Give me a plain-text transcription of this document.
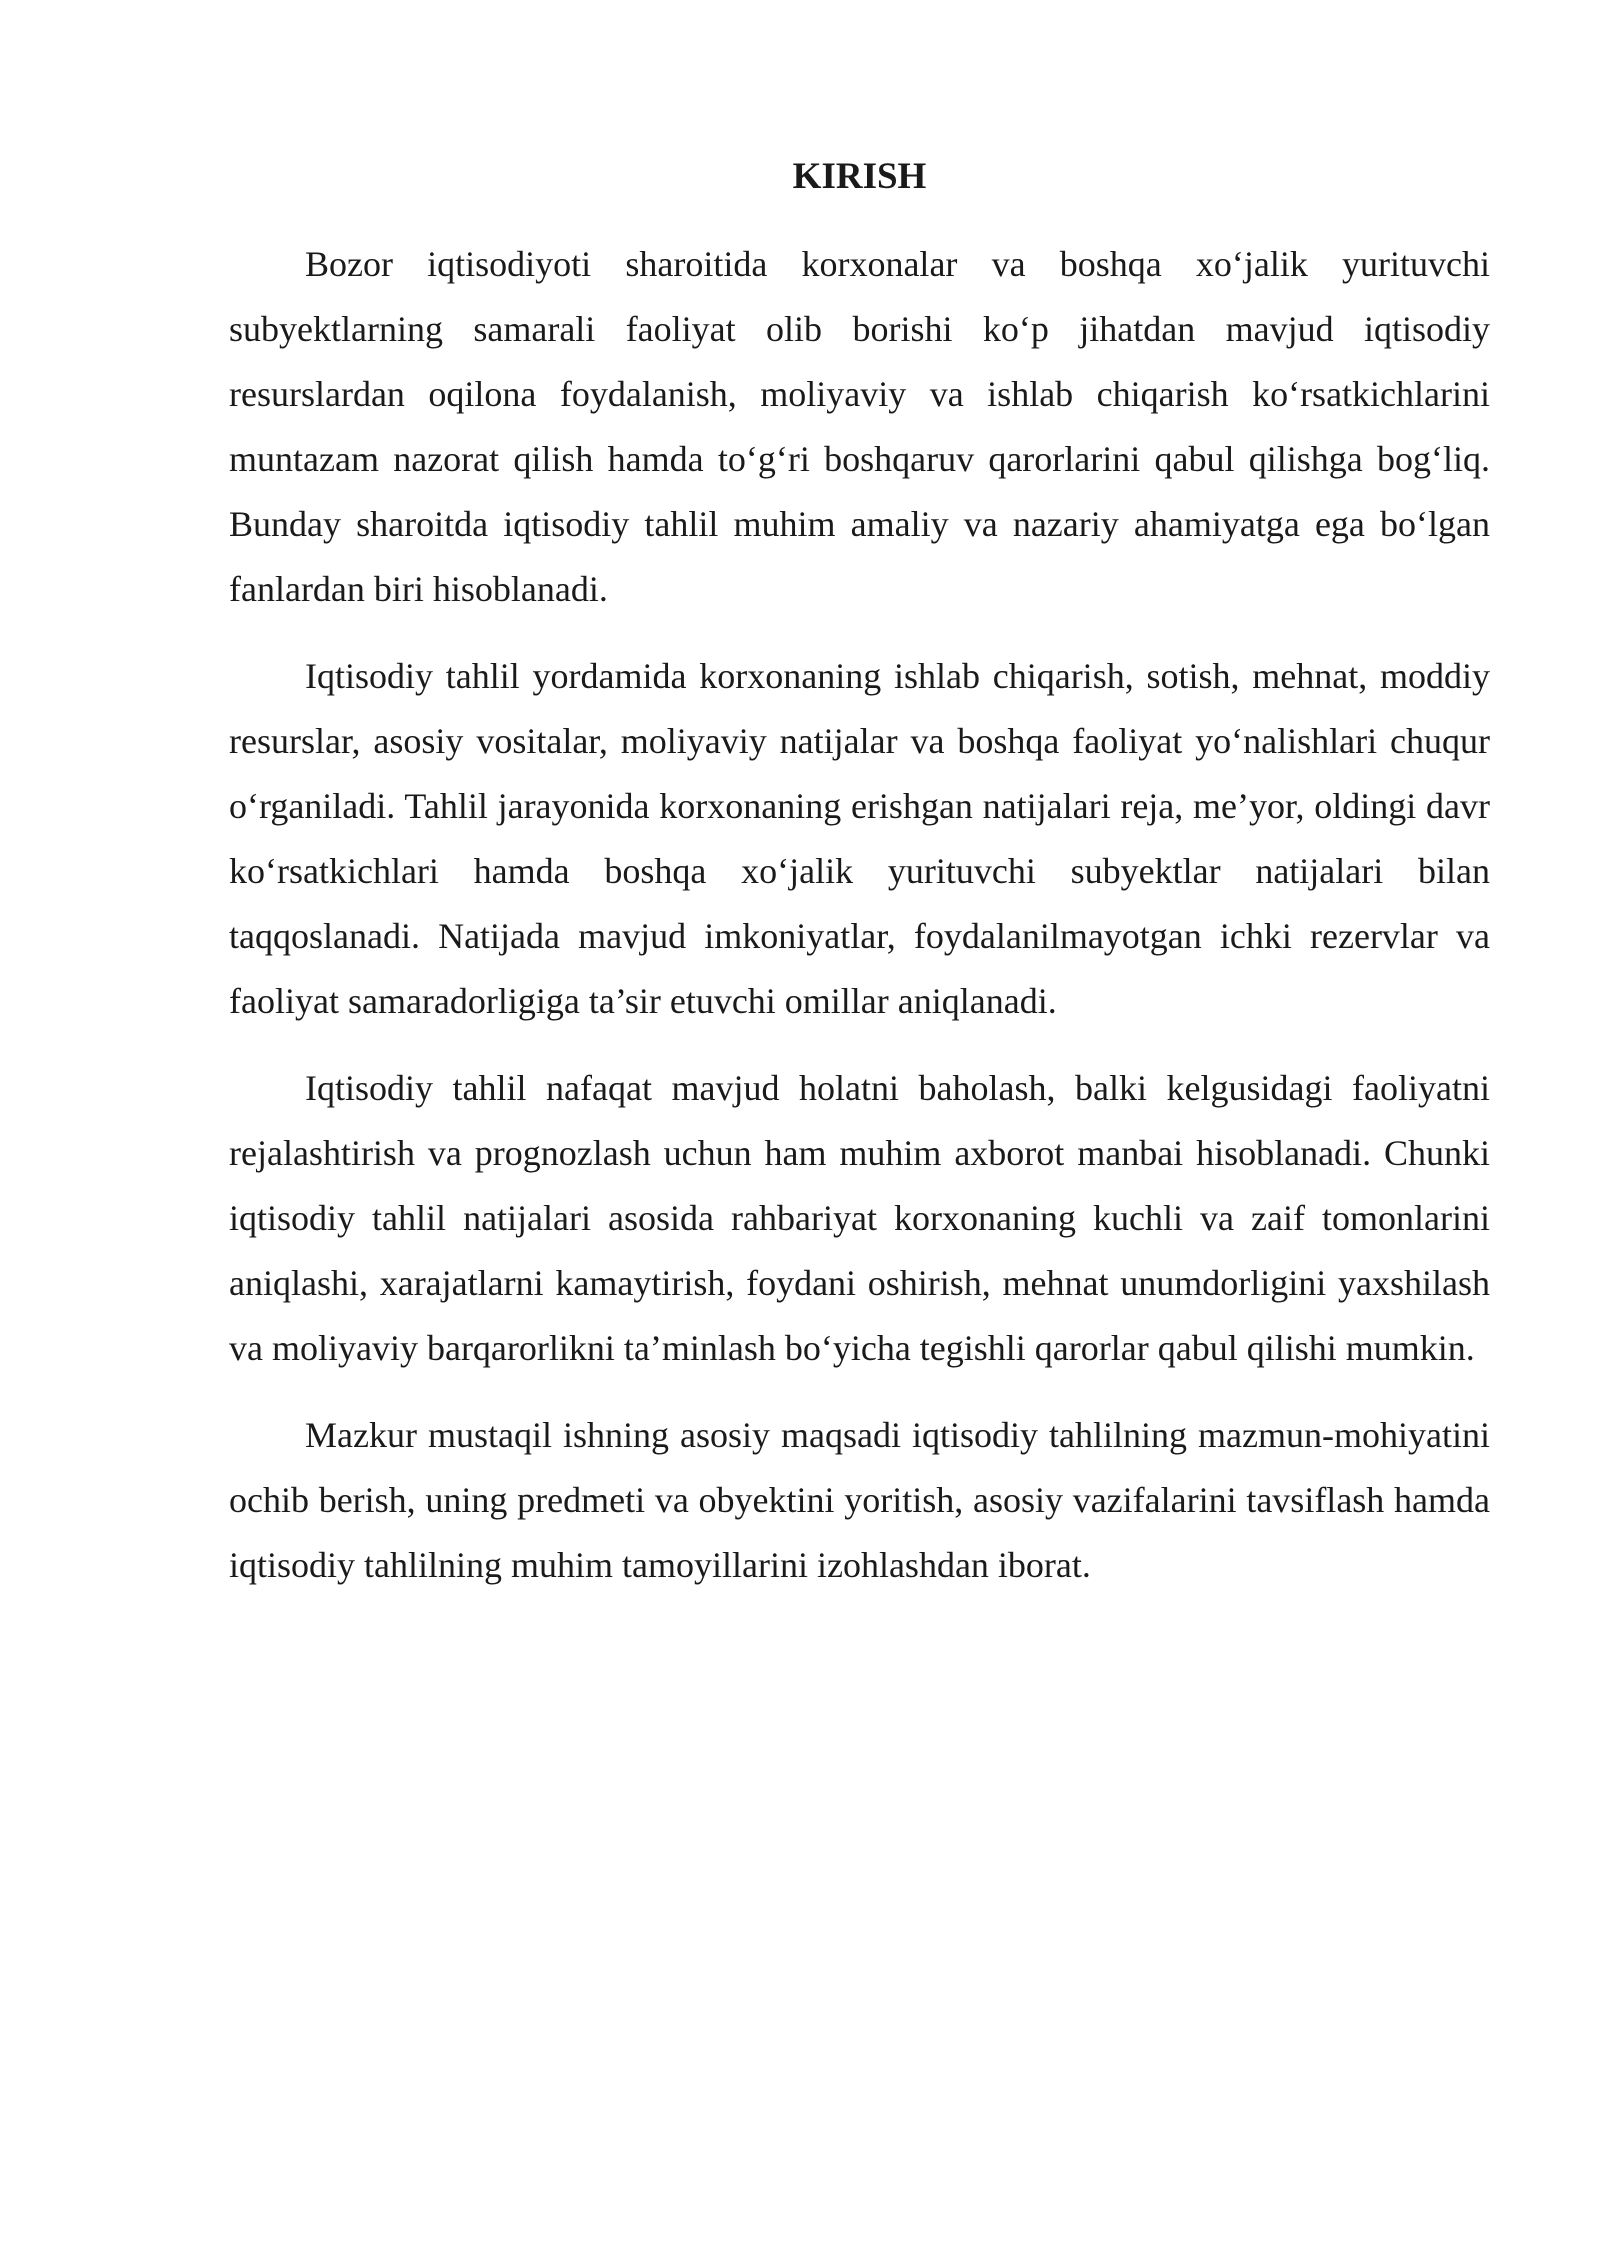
KIRISH

Bozor iqtisodiyoti sharoitida korxonalar va boshqa xo‘jalik yurituvchi subyektlarning samarali faoliyat olib borishi ko‘p jihatdan mavjud iqtisodiy resurslardan oqilona foydalanish, moliyaviy va ishlab chiqarish ko‘rsatkichlarini muntazam nazorat qilish hamda to‘g‘ri boshqaruv qarorlarini qabul qilishga bog‘liq. Bunday sharoitda iqtisodiy tahlil muhim amaliy va nazariy ahamiyatga ega bo‘lgan fanlardan biri hisoblanadi.

Iqtisodiy tahlil yordamida korxonaning ishlab chiqarish, sotish, mehnat, moddiy resurslar, asosiy vositalar, moliyaviy natijalar va boshqa faoliyat yo‘nalishlari chuqur o‘rganiladi. Tahlil jarayonida korxonaning erishgan natijalari reja, me’yor, oldingi davr ko‘rsatkichlari hamda boshqa xo‘jalik yurituvchi subyektlar natijalari bilan taqqoslanadi. Natijada mavjud imkoniyatlar, foydalanilmayotgan ichki rezervlar va faoliyat samaradorligiga ta’sir etuvchi omillar aniqlanadi.

Iqtisodiy tahlil nafaqat mavjud holatni baholash, balki kelgusidagi faoliyatni rejalashtirish va prognozlash uchun ham muhim axborot manbai hisoblanadi. Chunki iqtisodiy tahlil natijalari asosida rahbariyat korxonaning kuchli va zaif tomonlarini aniqlashi, xarajatlarni kamaytirish, foydani oshirish, mehnat unumdorligini yaxshilash va moliyaviy barqarorlikni ta’minlash bo‘yicha tegishli qarorlar qabul qilishi mumkin.

Mazkur mustaqil ishning asosiy maqsadi iqtisodiy tahlilning mazmun-mohiyatini ochib berish, uning predmeti va obyektini yoritish, asosiy vazifalarini tavsiflash hamda iqtisodiy tahlilning muhim tamoyillarini izohlashdan iborat.
